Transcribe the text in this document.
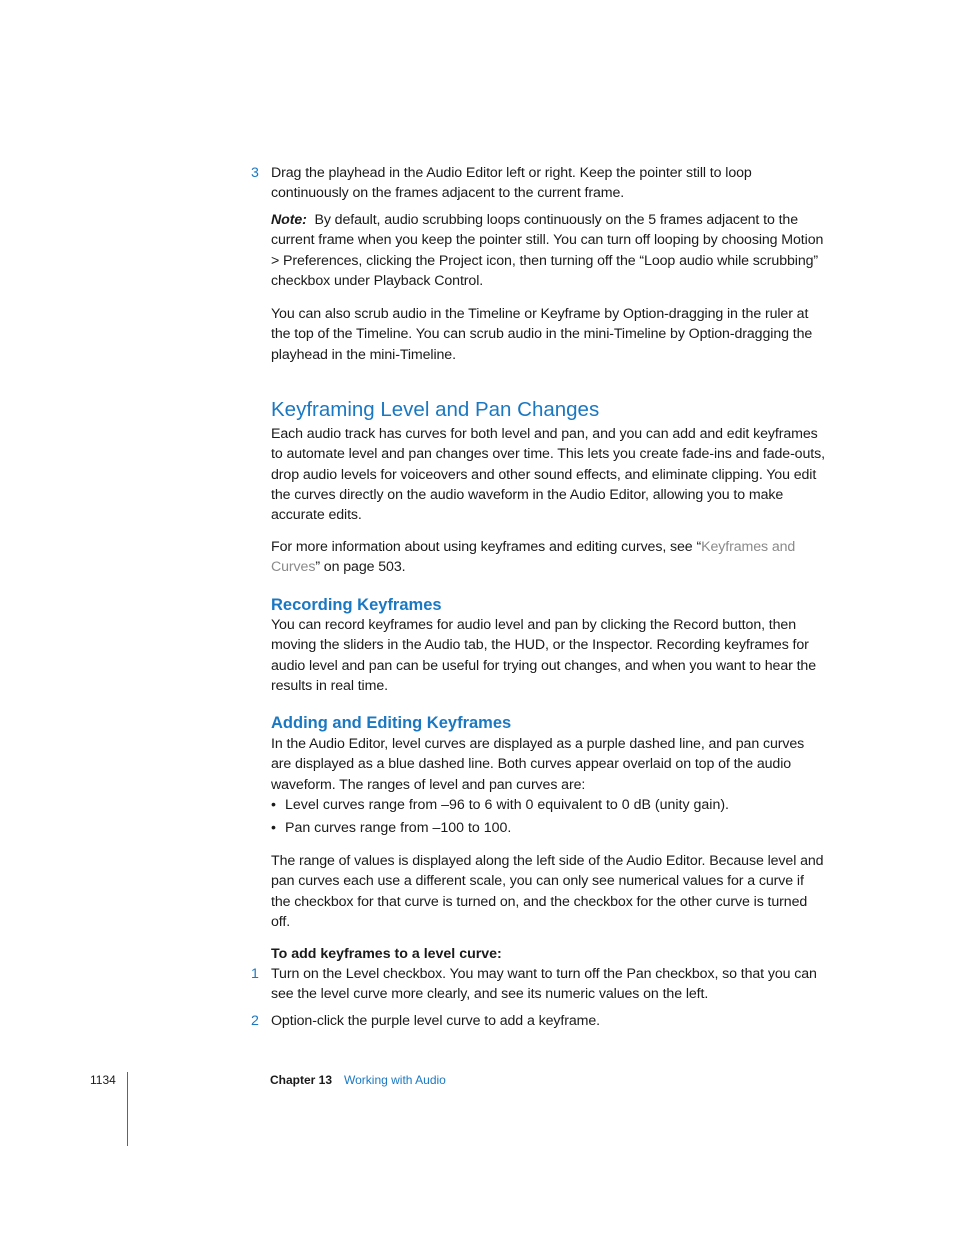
3 Drag the playhead in the Audio Editor left or right. Keep the pointer still to loop continuously on the frames adjacent to the current frame.
Note: By default, audio scrubbing loops continuously on the 5 frames adjacent to the current frame when you keep the pointer still. You can turn off looping by choosing Motion > Preferences, clicking the Project icon, then turning off the “Loop audio while scrubbing” checkbox under Playback Control.
You can also scrub audio in the Timeline or Keyframe by Option-dragging in the ruler at the top of the Timeline. You can scrub audio in the mini-Timeline by Option-dragging the playhead in the mini-Timeline.
Keyframing Level and Pan Changes
Each audio track has curves for both level and pan, and you can add and edit keyframes to automate level and pan changes over time. This lets you create fade-ins and fade-outs, drop audio levels for voiceovers and other sound effects, and eliminate clipping. You edit the curves directly on the audio waveform in the Audio Editor, allowing you to make accurate edits.
For more information about using keyframes and editing curves, see “Keyframes and Curves” on page 503.
Recording Keyframes
You can record keyframes for audio level and pan by clicking the Record button, then moving the sliders in the Audio tab, the HUD, or the Inspector. Recording keyframes for audio level and pan can be useful for trying out changes, and when you want to hear the results in real time.
Adding and Editing Keyframes
In the Audio Editor, level curves are displayed as a purple dashed line, and pan curves are displayed as a blue dashed line. Both curves appear overlaid on top of the audio waveform. The ranges of level and pan curves are:
• Level curves range from –96 to 6 with 0 equivalent to 0 dB (unity gain).
• Pan curves range from –100 to 100.
The range of values is displayed along the left side of the Audio Editor. Because level and pan curves each use a different scale, you can only see numerical values for a curve if the checkbox for that curve is turned on, and the checkbox for the other curve is turned off.
To add keyframes to a level curve:
1 Turn on the Level checkbox. You may want to turn off the Pan checkbox, so that you can see the level curve more clearly, and see its numeric values on the left.
2 Option-click the purple level curve to add a keyframe.
1134	Chapter 13 Working with Audio
